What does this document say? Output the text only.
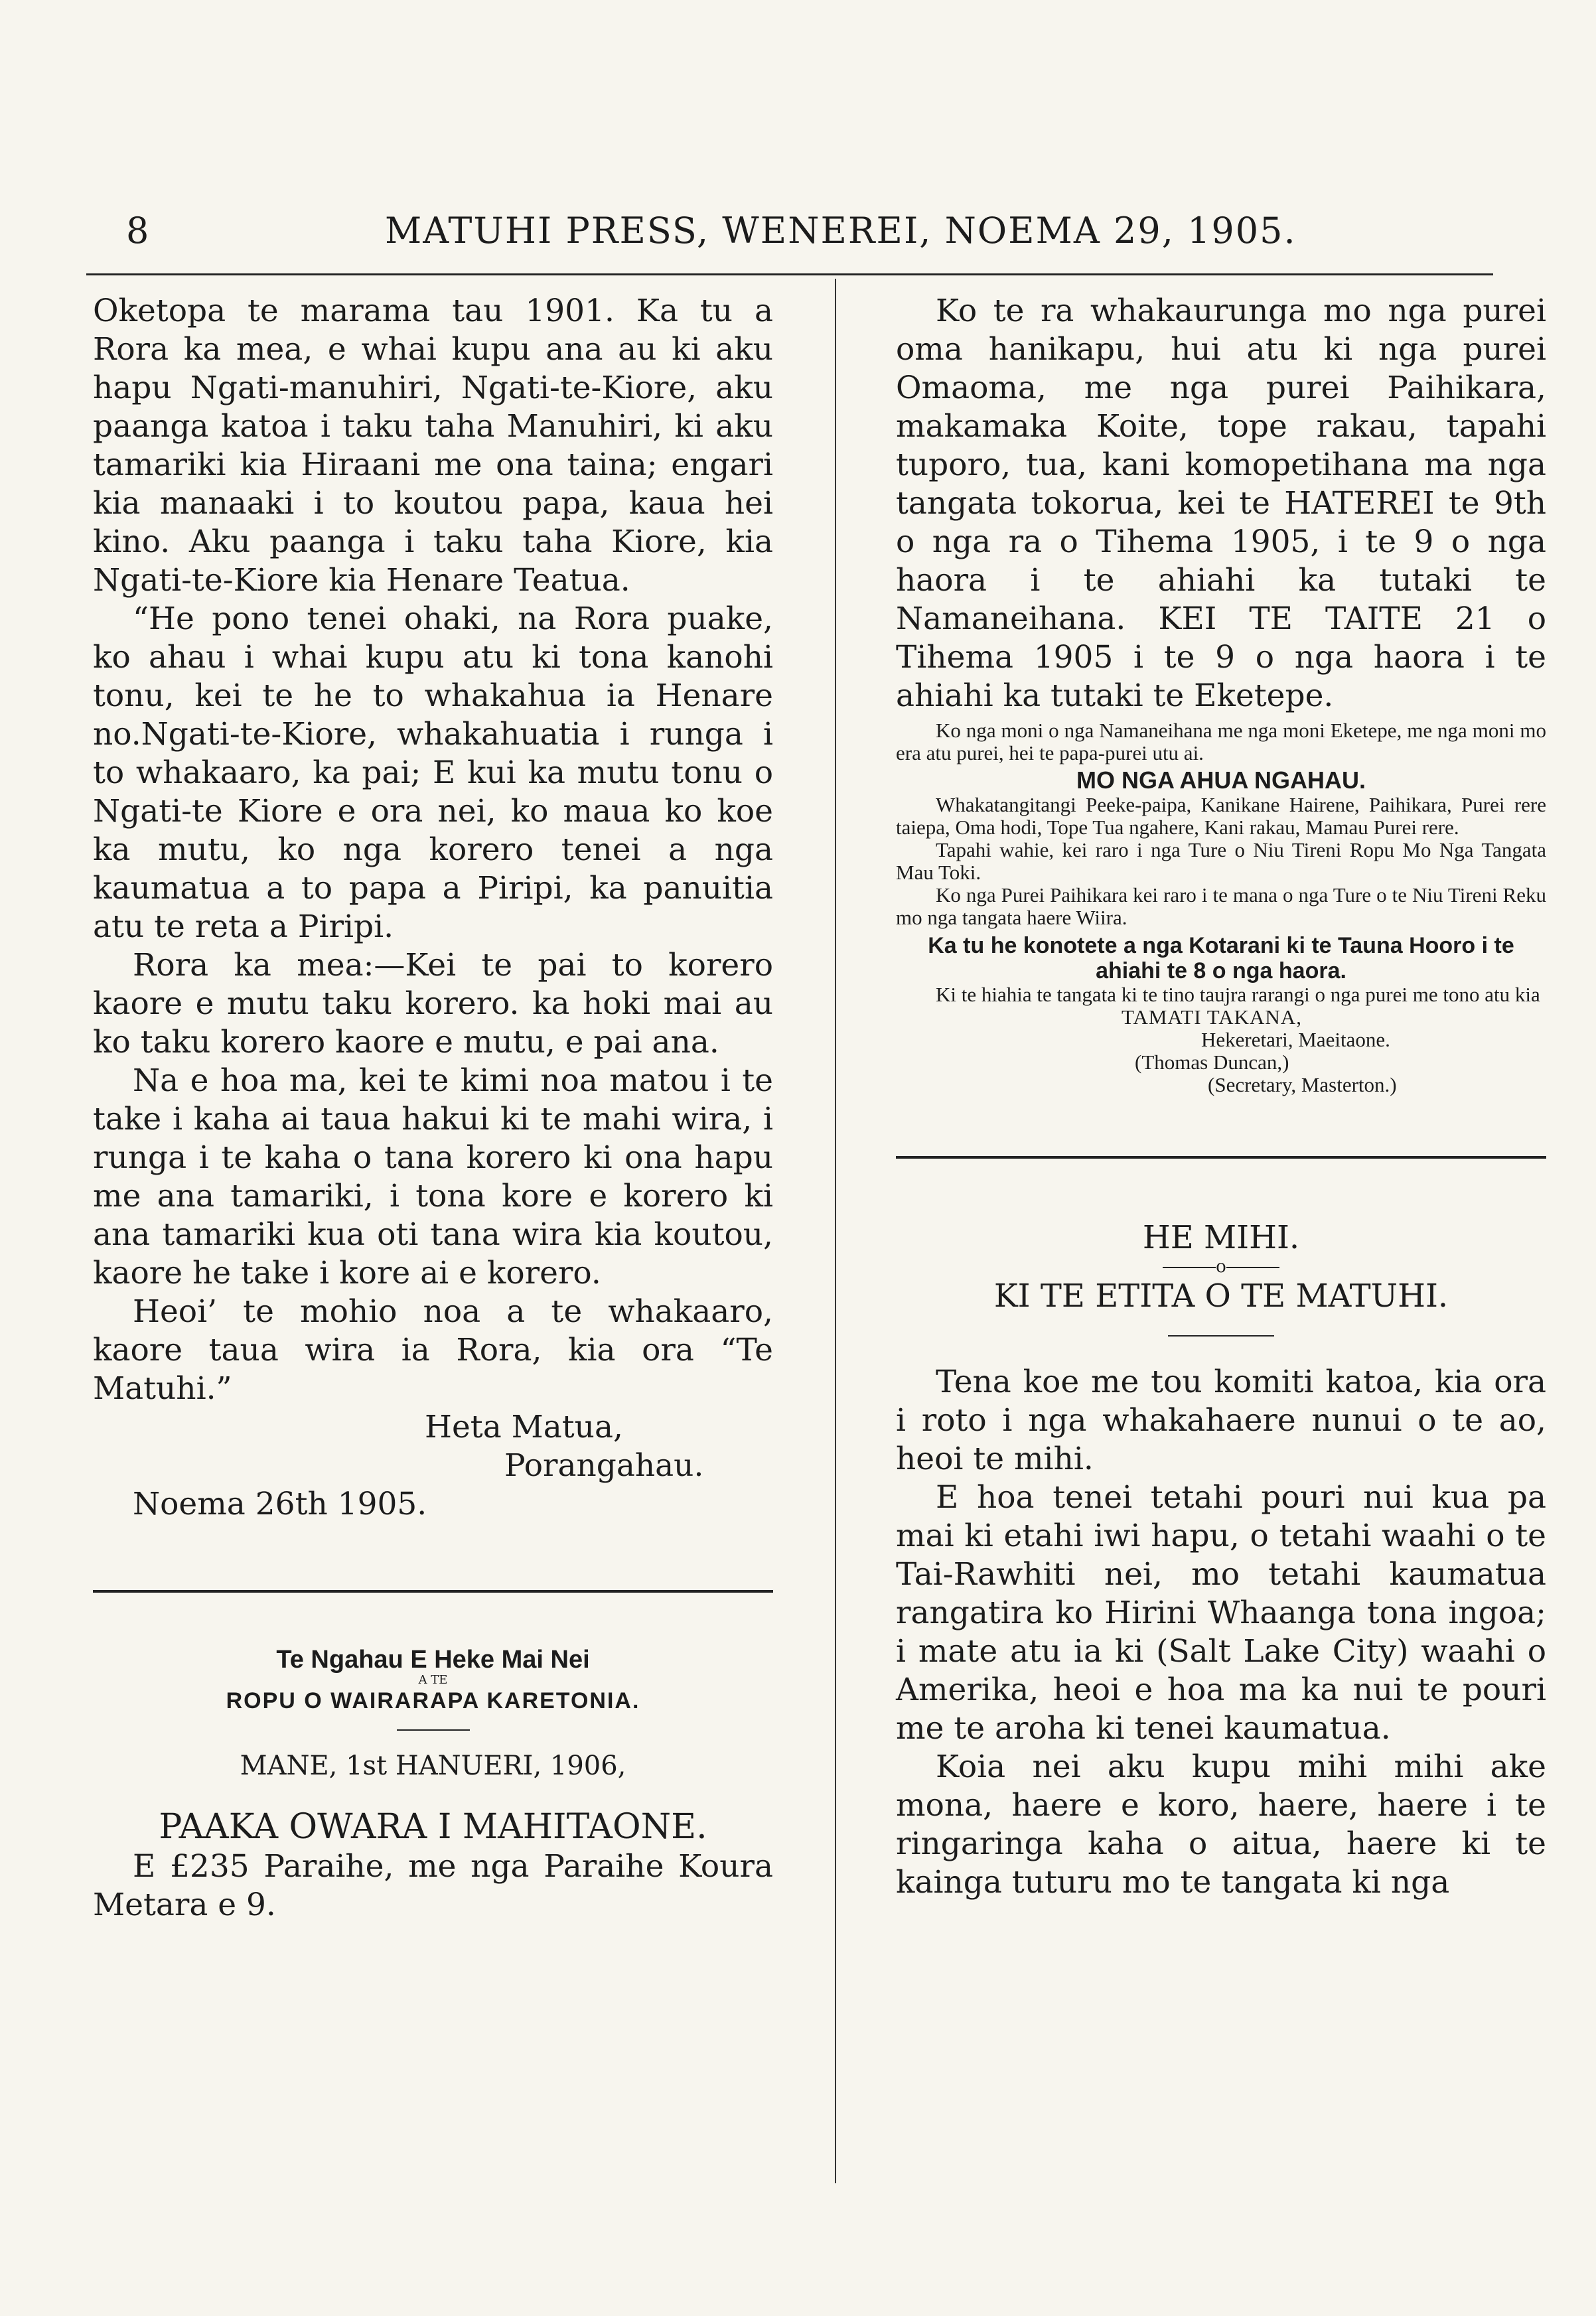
8	MATUHI PRESS, WENEREI, NOEMA 29, 1905.

Oketopa te marama tau 1901. Ka tu a Rora ka mea, e whai kupu ana au ki aku hapu Ngati-manuhiri, Ngati-te-Kiore, aku paanga katoa i taku taha Manuhiri, ki aku tamariki kia Hiraani me ona taina; engari kia manaaki i to koutou papa, kaua hei kino. Aku paanga i taku taha Kiore, kia Ngati-te-Kiore kia Henare Teatua.

“He pono tenei ohaki, na Rora puake, ko ahau i whai kupu atu ki tona kanohi tonu, kei te he to whakahua ia Henare no.Ngati-te-Kiore, whakahuatia i runga i to whakaaro, ka pai; E kui ka mutu tonu o Ngati-te Kiore e ora nei, ko maua ko koe ka mutu, ko nga korero tenei a nga kaumatua a to papa a Piripi, ka panuitia atu te reta a Piripi.

Rora ka mea:—Kei te pai to korero kaore e mutu taku korero. ka hoki mai au ko taku korero kaore e mutu, e pai ana.

Na e hoa ma, kei te kimi noa matou i te take i kaha ai taua hakui ki te mahi wira, i runga i te kaha o tana korero ki ona hapu me ana tamariki, i tona kore e korero ki ana tamariki kua oti tana wira kia koutou, kaore he take i kore ai e korero.

Heoi’ te mohio noa a te whakaaro, kaore taua wira ia Rora, kia ora “Te Matuhi.”

Heta Matua,

Porangahau.

Noema 26th 1905.

Te Ngahau E Heke Mai Nei

A TE

ROPU O WAIRARAPA KARETONIA.

MANE, 1st HANUERI, 1906,

PAAKA OWARA I MAHITAONE.

E £235 Paraihe, me nga Paraihe Koura Metara e 9.

Ko te ra whakaurunga mo nga purei oma hanikapu, hui atu ki nga purei Omaoma, me nga purei Paihikara, makamaka Koite, tope rakau, tapahi tuporo, tua, kani komopetihana ma nga tangata tokorua, kei te HATEREI te 9th o nga ra o Tihema 1905, i te 9 o nga haora i te ahiahi ka tutaki te Namaneihana. KEI TE TAITE 21 o Tihema 1905 i te 9 o nga haora i te ahiahi ka tutaki te Eketepe.

Ko nga moni o nga Namaneihana me nga moni Eketepe, me nga moni mo era atu purei, hei te papa-purei utu ai.

MO NGA AHUA NGAHAU.

Whakatangitangi Peeke-paipa, Kanikane Hairene, Paihikara, Purei rere taiepa, Oma hodi, Tope Tua ngahere, Kani rakau, Mamau Purei rere.

Tapahi wahie, kei raro i nga Ture o Niu Tireni Ropu Mo Nga Tangata Mau Toki.

Ko nga Purei Paihikara kei raro i te mana o nga Ture o te Niu Tireni Reku mo nga tangata haere Wiira.

Ka tu he konotete a nga Kotarani ki te Tauna Hooro i te ahiahi te 8 o nga haora.

Ki te hiahia te tangata ki te tino taujra rarangi o nga purei me tono atu kia

TAMATI TAKANA,

Hekeretari, Maeitaone.

(Thomas Duncan,)

(Secretary, Masterton.)

HE MIHI.

o

KI TE ETITA O TE MATUHI.

Tena koe me tou komiti katoa, kia ora i roto i nga whakahaere nunui o te ao, heoi te mihi.

E hoa tenei tetahi pouri nui kua pa mai ki etahi iwi hapu, o tetahi waahi o te Tai-Rawhiti nei, mo tetahi kaumatua rangatira ko Hirini Whaanga tona ingoa; i mate atu ia ki (Salt Lake City) waahi o Amerika, heoi e hoa ma ka nui te pouri me te aroha ki tenei kaumatua.

Koia nei aku kupu mihi mihi ake mona, haere e koro, haere, haere i te ringaringa kaha o aitua, haere ki te kainga tuturu mo te tangata ki nga
